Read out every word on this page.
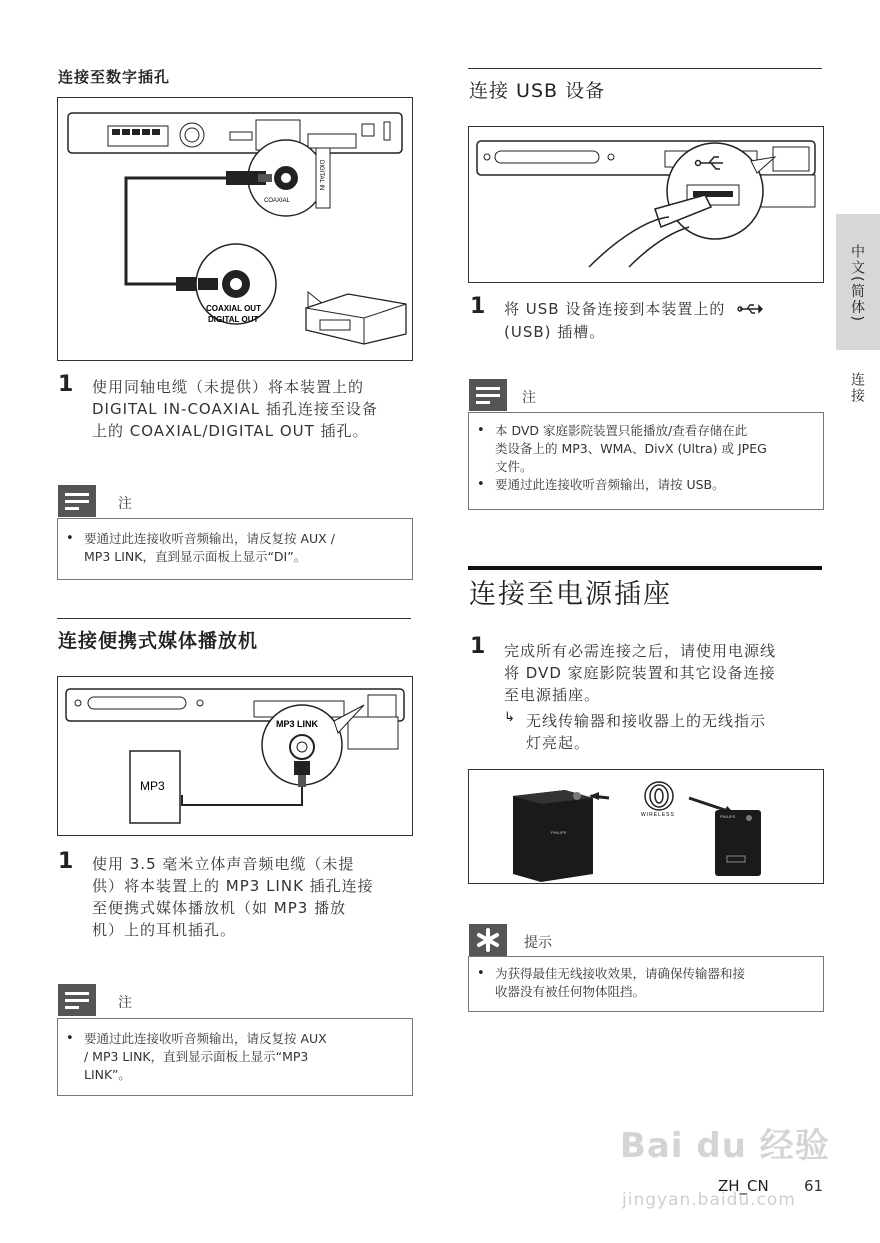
连接至数字插孔
DIGITAL IN
COAXIAL
COAXIAL OUT
DIGITAL OUT
1 使用同轴电缆（未提供）将本装置上的
DIGITAL IN-COAXIAL 插孔连接至设备
上的 COAXIAL/DIGITAL OUT 插孔。
注
• 要通过此连接收听音频输出，请反复按 AUX /
MP3 LINK，直到显示面板上显示“DI”。
连接便携式媒体播放机
MP3 LINK
MP3
1 使用 3.5 毫米立体声音频电缆（未提
供）将本装置上的 MP3 LINK 插孔连接
至便携式媒体播放机（如 MP3 播放
机）上的耳机插孔。
注
• 要通过此连接收听音频输出，请反复按 AUX
/ MP3 LINK，直到显示面板上显示“MP3
LINK”。
连接 USB 设备
1 将 USB 设备连接到本装置上的
(USB) 插槽。
注
• 本 DVD 家庭影院装置只能播放/查看存储在此
类设备上的 MP3、WMA、DivX (Ultra) 或 JPEG
文件。
• 要通过此连接收听音频输出，请按 USB。
连接至电源插座
1 完成所有必需连接之后，请使用电源线
将 DVD 家庭影院装置和其它设备连接
至电源插座。
↳ 无线传输器和接收器上的无线指示
灯亮起。
PHILIPS
WIRELESS	PHILIPS
提示
• 为获得最佳无线接收效果，请确保传输器和接
收器没有被任何物体阻挡。
中文(简体)
连接
Bai du 经验
jingyan.baidu.com
ZH_CN 61
